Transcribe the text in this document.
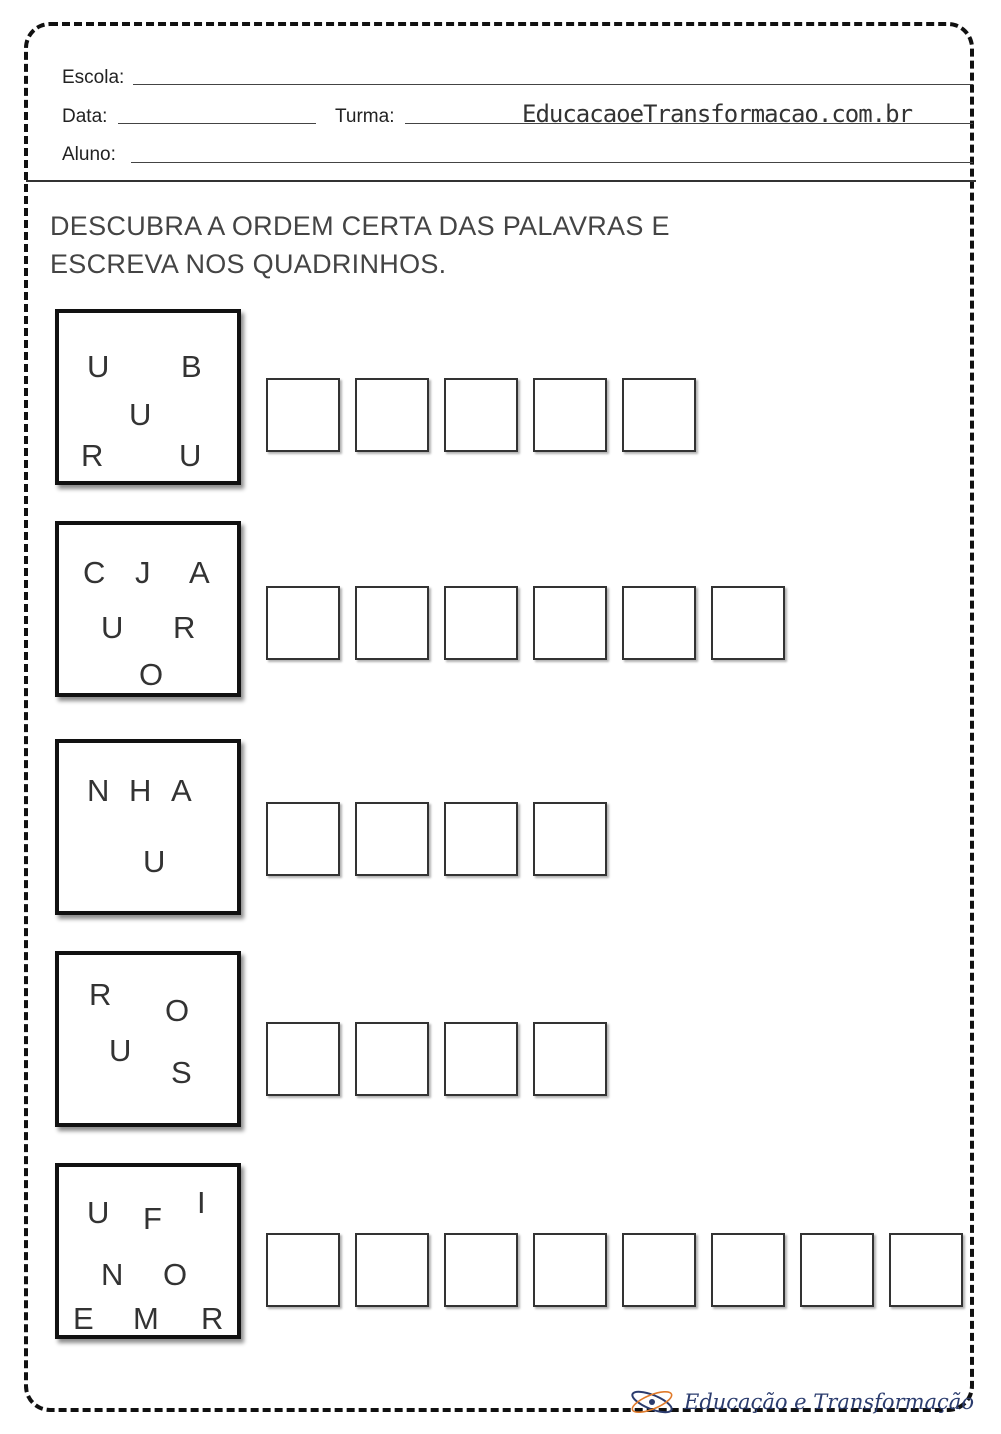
Escola:
Data:	Turma:	EducacaoeTransformacao.com.br
Aluno:
DESCUBRA A ORDEM CERTA DAS PALAVRAS E
ESCREVA NOS QUADRINHOS.
U B
U
R U
C J A
U R
O
N H A
U
R O
U
S
U F I
N O
E M R
Educação e Transformação
